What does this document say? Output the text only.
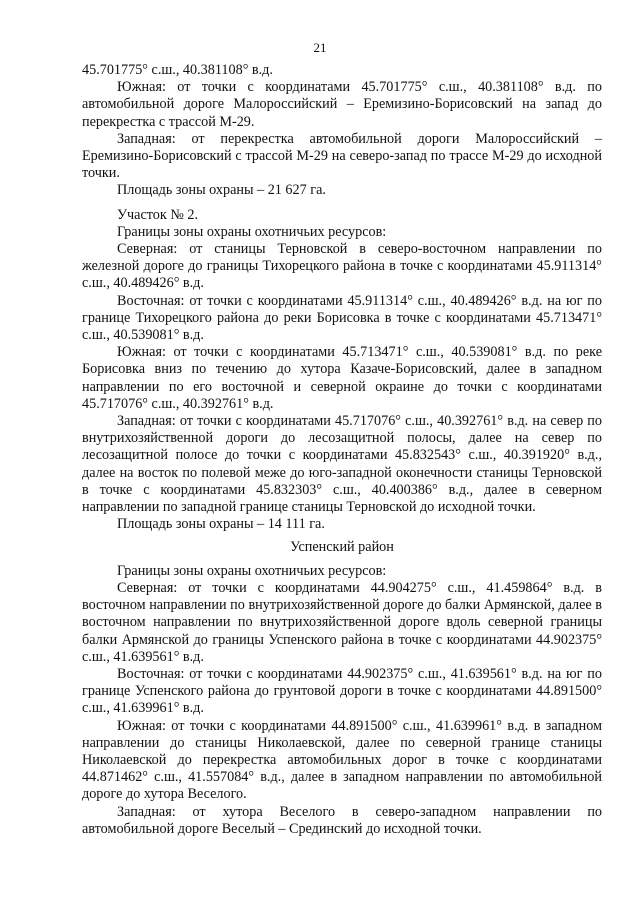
21

45.701775° с.ш., 40.381108° в.д.

Южная: от точки с координатами 45.701775° с.ш., 40.381108° в.д. по автомобильной дороге Малороссийский – Еремизино-Борисовский на запад до перекрестка с трассой М-29.

Западная: от перекрестка автомобильной дороги Малороссийский – Еремизино-Борисовский с трассой М-29 на северо-запад по трассе М-29 до исходной точки.

Площадь зоны охраны – 21 627 га.

Участок № 2.

Границы зоны охраны охотничьих ресурсов:

Северная: от станицы Терновской в северо-восточном направлении по железной дороге до границы Тихорецкого района в точке с координатами 45.911314° с.ш., 40.489426° в.д.

Восточная: от точки с координатами 45.911314° с.ш., 40.489426° в.д. на юг по границе Тихорецкого района до реки Борисовка в точке с координатами 45.713471° с.ш., 40.539081° в.д.

Южная: от точки с координатами 45.713471° с.ш., 40.539081° в.д. по реке Борисовка вниз по течению до хутора Казаче-Борисовский, далее в западном направлении по его восточной и северной окраине до точки с координатами 45.717076° с.ш., 40.392761° в.д.

Западная: от точки с координатами 45.717076° с.ш., 40.392761° в.д. на север по внутрихозяйственной дороги до лесозащитной полосы, далее на север по лесозащитной полосе до точки с координатами 45.832543° с.ш., 40.391920° в.д., далее на восток по полевой меже до юго-западной оконечности станицы Терновской в точке с координатами 45.832303° с.ш., 40.400386° в.д., далее в северном направлении по западной границе станицы Терновской до исходной точки.

Площадь зоны охраны – 14 111 га.

Успенский район

Границы зоны охраны охотничьих ресурсов:

Северная: от точки с координатами 44.904275° с.ш., 41.459864° в.д. в восточном направлении по внутрихозяйственной дороге до балки Армянской, далее в восточном направлении по внутрихозяйственной дороге вдоль северной границы балки Армянской до границы Успенского района в точке с координатами 44.902375° с.ш., 41.639561° в.д.

Восточная: от точки с координатами 44.902375° с.ш., 41.639561° в.д. на юг по границе Успенского района до грунтовой дороги в точке с координатами 44.891500° с.ш., 41.639961° в.д.

Южная: от точки с координатами 44.891500° с.ш., 41.639961° в.д. в западном направлении до станицы Николаевской, далее по северной границе станицы Николаевской до перекрестка автомобильных дорог в точке с координатами 44.871462° с.ш., 41.557084° в.д., далее в западном направлении по автомобильной дороге до хутора Веселого.

Западная: от хутора Веселого в северо-западном направлении по автомобильной дороге Веселый – Срединский до исходной точки.
